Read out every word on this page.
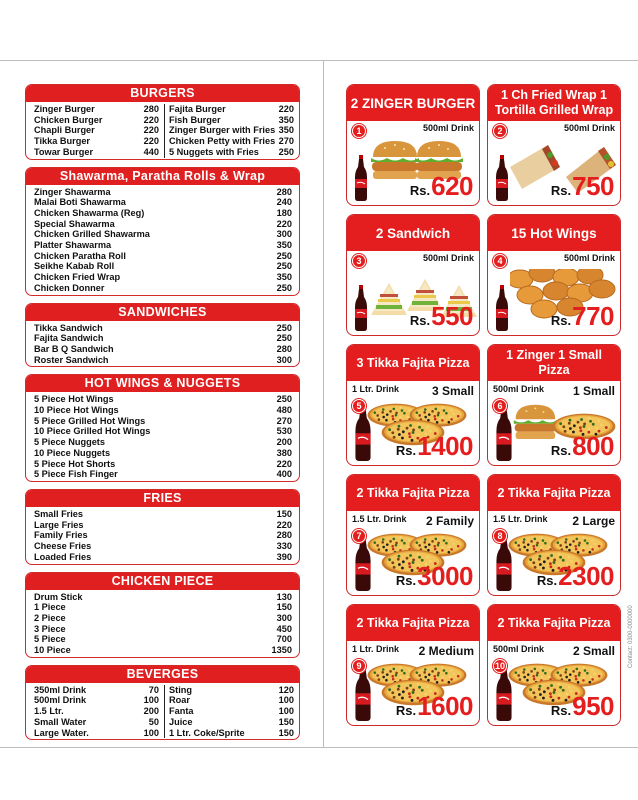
BURGERS
Zinger Burger	280
Chicken Burger	220
Chapli Burger	220
Tikka Burger	220
Towar Burger	440
Fajita Burger	220
Fish Burger	350
Zinger Burger with Fries 350
Chicken Petty with Fries 270
5 Nuggets with Fries 250
Shawarma, Paratha Rolls & Wrap
Zinger Shawarma	280
Malai Boti Shawarma	240
Chicken Shawarma (Reg)	180
Special Shawarma	220
Chicken Grilled Shawarma	300
Platter Shawarma	350
Chicken Paratha Roll	250
Seikhe Kabab Roll	250
Chicken Fried Wrap	350
Chicken Donner	250
SANDWICHES
Tikka Sandwich	250
Fajita Sandwich	250
Bar B Q Sandwich	280
Roster Sandwich	300
HOT WINGS & NUGGETS
5 Piece Hot Wings	250
10 Piece Hot Wings	480
5 Piece Grilled Hot Wings	270
10 Piece Grilled Hot Wings	530
5 Piece Nuggets	200
10 Piece Nuggets	380
5 Piece Hot Shorts	220
5 Piece Fish Finger	400
FRIES
Small Fries	150
Large Fries	220
Family Fries	280
Cheese Fries	330
Loaded Fries	390
CHICKEN PIECE
Drum Stick	130
1 Piece	150
2 Piece	300
3 Piece	450
5 Piece	700
10 Piece	1350
BEVERGES
350ml Drink	70
500ml Drink	100
1.5 Ltr.	200
Small Water	50
Large Water.	100
Sting	120
Roar	100
Fanta	100
Juice	150
1 Ltr. Coke/Sprite	150
2 ZINGER BURGER
1	500ml Drink
Rs.620
1 Ch Fried Wrap 1 Tortilla Grilled Wrap
2	500ml Drink
Rs.750
2 Sandwich
3	500ml Drink
Rs.550
15 Hot Wings
4	500ml Drink
Rs.770
3 Tikka Fajita Pizza
5
1 Ltr. Drink	3 Small
Rs.1400
1 Zinger 1 Small Pizza
6
500ml Drink	1 Small
Rs.800
2 Tikka Fajita Pizza
7
1.5 Ltr. Drink	2 Family
Rs.3000
2 Tikka Fajita Pizza
8
1.5 Ltr. Drink	2 Large
Rs.2300
2 Tikka Fajita Pizza
9
1 Ltr. Drink	2 Medium
Rs.1600
2 Tikka Fajita Pizza
10
500ml Drink	2 Small
Rs.950
Contact: 0300-0000000
